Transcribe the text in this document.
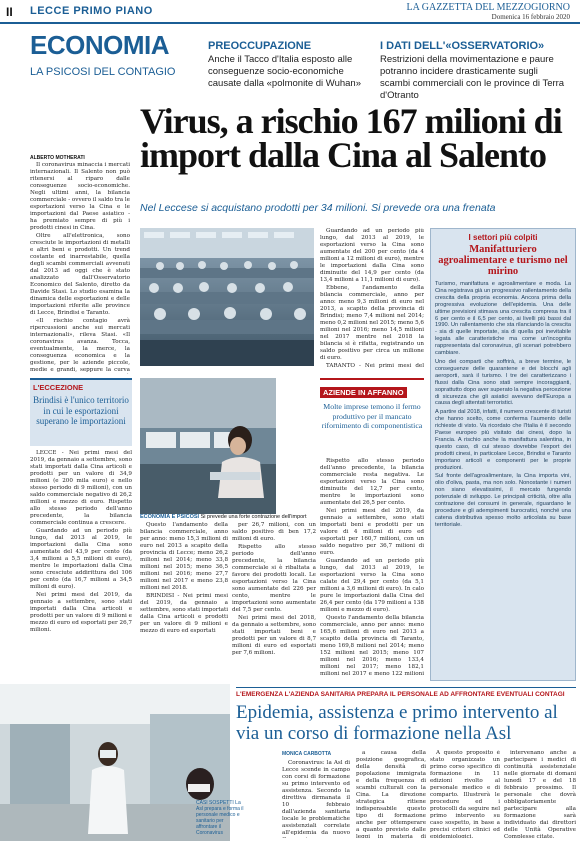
II LECCE PRIMO PIANO	LA GAZZETTA DEL MEZZOGIORNO
Domenica 16 febbraio 2020
ECONOMIA
LA PSICOSI DEL CONTAGIO
PREOCCUPAZIONE
Anche il Tacco d'Italia esposto alle conseguenze socio-economiche causate dalla «polmonite di Wuhan»
I DATI DELL'«OSSERVATORIO»
Restrizioni della movimentazione e paure potranno incidere drasticamente sugli scambi commerciali con le province di Terra d'Otranto
Virus, a rischio 167 milioni di import dalla Cina al Salento
Nel Leccese si acquistano prodotti per 34 milioni. Si prevede ora una frenata
ALBERTO MOTHERATI

Il coronavirus minaccia i mercati internazionali. Il Salento non può ritenersi al riparo dalle conseguenze socio-economiche. Negli ultimi anni, la bilancia commerciale - ovvero il saldo tra le esportazioni verso la Cina e le importazioni dal Paese asiatico - ha premiato sempre di più i prodotti cinesi in Cina.

Oltre all'elettronica, sono cresciute le importazioni di metalli e altri beni e prodotti. Un trend costante ed inarrestabile, quella degli scambi commerciali avvenuti dal 2013 ad oggi che è stato analizzato dall'Osservatorio Economico del Salento, diretto da Davide Stasi. Lo studio esamina la dinamica delle esportazioni e delle importazioni riferite alle province di Lecce, Brindisi e Taranto.

«Il rischio contagio avrà ripercussioni anche sui mercati internazionali», rileva Stasi. «Il coronavirus avanza. Tocca, eventualmente, la merce, la conseguenza economica e la gestione, per le aziende piccole, medie e grandi, seppure la curva

Guardando ad un periodo più lungo, dal 2013 al 2019, le esportazioni verso la Cina sono aumentate del 200 per cento (da 4 milioni a 12 milioni di euro), mentre le importazioni dalla Cina sono diminuite del 14,9 per cento (da 13,4 milioni a 11,1 milioni di euro).

Ebbene, l'andamento della bilancia commerciale, anno per anno: meno 9,3 milioni di euro nel 2013, a scapito della provincia di Brindisi; meno 7,4 milioni nel 2014; meno 0,2 milioni nel 2015; meno 5,6 milioni nel 2016; meno 14,5 milioni nel 2017 mentre nel 2018 la bilancia si è rifatta, registrando un saldo positivo per circa un milione di euro.

TARANTO - Nei primi mesi del

I settori più colpiti
Manifatturiero agroalimentare e turismo nel mirino

Turismo, manifattura e agroalimentare e moda. La Cina registrava già un progressivo rallentamento della crescita della propria economia. Ancora prima della progressiva evoluzione dell'epidemia. Una delle ultime previsioni stimava una crescita compresa tra il 6 per cento e il 6,5 per cento, ai livelli più bassi dal 1990. Un rallentamento che sta rilanciando la crescita - sia di quelle importate, sia di quella poi inevitabile legata alle caratteristiche ma come un'incognita rappresentata dal coronavirus, gli scenari potrebbero cambiare.

Uno dei comparti che soffrirà, a breve termine, le conseguenze delle quarantene e dei blocchi agli aeroporti, sarà il turismo. I tre dei caratterizzano i flussi dalla Cina sono stati sempre incoraggianti, soprattutto dopo aver superato la negativa percezione di sicurezza che gli asiatici avevano dell'Europa a causa degli attentati terroristici.

A partire dal 2018, infatti, il numero crescente di turisti che hanno scelto, come conferma l'aumento delle richieste di visto. Va ricordato che l'Italia è il secondo Paese europeo più visitato dai cinesi, dopo la Francia. A rischio anche la manifattura salentina, in questo caso, di cui stesso dovrebbe l'export dei prodotti cinesi, in particolare Lecce, Brindisi e Taranto importano articoli e componenti per le proprie produzioni.

Sul fronte dell'agroalimentare, la Cina importa vini, olio d'oliva, pasta, ma non solo. Nonostante i numeri non siano elevatissimi, il mercato fungendo potenziale di sviluppo. Le principali criticità, oltre alla contrazione dei consumi in generale, riguardano le procedure e gli adempimenti burocratici, nonché una catena distributiva spesso molto articolata su base territoriale.

L'ECCEZIONE
Brindisi è l'unico territorio in cui le esportazioni superano le importazioni

LECCE - Nei primi mesi del 2019, da gennaio a settembre, sono stati importati dalla Cina articoli e prodotti per un valore di 34,9 milioni (e 200 mila euro) e nello stesso periodo di 9 milioni), con un saldo commerciale negativo di 26,2 milioni e mezzo di euro. Rispetto allo stesso periodo dell'anno precedente, la bilancia commerciale continua a crescere.

Guardando ad un periodo più lungo, dal 2013 al 2019, le importazioni dalla Cina sono aumentate del 43,9 per cento (da 3,4 milioni a 5,5 milioni di euro), mentre le importazioni dalla Cina sono cresciute addirittura del 106 per cento (da 16,7 milioni a 34,5 milioni di euro).

Nei primi mesi del 2019, da gennaio a settembre, sono stati importati dalla Cina articoli e prodotti per un valore di 9 milioni e mezzo di euro ed esportati per 26,7 milioni.

ECONOMIA E PSICOSI Si prevede una forte contrazione dell'import
AZIENDE IN AFFANNO
Molte imprese temono il fermo produttivo per il mancato rifornimento di componentistica

Rispetto allo stesso periodo dell'anno precedente, la bilancia commerciale resta negativa. Le esportazioni verso la Cina sono diminuite del 12,7 per cento, mentre le importazioni sono aumentate del 26,5 per cento.

Nei primi mesi del 2019, da gennaio a settembre, sono stati importati beni e prodotti per un valore di 4 milioni di euro ed esportati per 160,7 milioni, con un saldo negativo per 36,7 milioni di euro.

Guardando ad un periodo più lungo, dal 2013 al 2019, le esportazioni verso la Cina sono calate del 29,4 per cento (da 5,1 milioni a 3,6 milioni di euro). In calo pure le importazioni dalla Cina del 26,4 per cento (da 179 milioni a 138 milioni e mezzo di euro).

Questo l'andamento della bilancia commerciale, anno per anno: meno 165,6 milioni di euro nel 2013 a scapito della provincia di Taranto, meno 169,8 milioni nel 2014; meno 152 milioni nel 2015; meno 107 milioni nel 2016; meno 133,4 milioni nel 2017; meno 182,1 milioni nel 2017 e meno 122 milioni

Questo l'andamento della bilancia commerciale, anno per anno: meno 15,3 milioni di euro nel 2013 a scapito della provincia di Lecce; meno 26,2 milioni nel 2014; meno 33,8 milioni nel 2015; meno 36,5 milioni nel 2016; meno 27,7 milioni nel 2017 e meno 23,8 milioni nel 2018.

BRINDISI - Nei primi mesi del 2019, da gennaio a settembre, sono stati importati dalla Cina articoli e prodotti per un valore di 9 milioni e mezzo di euro ed esportati

per 26,7 milioni, con un saldo positivo di ben 17,2 milioni di euro.

Rispetto allo stesso periodo dell'anno precedente, la bilancia commerciale si è ribaltata a favore dei prodotti locali. Le esportazioni verso la Cina sono aumentate del 226 per cento, mentre le importazioni sono aumentate del 7,5 per cento.

Nei primi mesi del 2018, da gennaio a settembre, sono stati importati beni e prodotti per un valore di 8,7 milioni di euro ed esportati per 7,6 milioni.

CASI SOSPETTI La Asl prepara e forma il personale medico e sanitario per affrontare il Coronavirus
L'EMERGENZA L'AZIENDA SANITARIA PREPARA IL PERSONALE AD AFFRONTARE EVENTUALI CONTAGI
Epidemia, assistenza e primo intervento al via un corso di formazione nella Asl
MONICA CARBOTTA

Coronavirus: la Asl di Lecce scende in campo con corsi di formazione su primo intervento ed assistenza. Secondo la direttiva dirmanata il 10 febbraio dall'azienda sanitaria locale le problematiche assistenziali correlate all'epidemia da nuovo

a causa della posizione geografica, della densità di popolazione immigrata e della frequenza di scambi culturali con la Cina. La direzione strategica ritiene indispensabile questo tipo di formazione anche per ottemperare a quanto previsto dalle leggi in materia di

A questo proposito è stato organizzato un primo corso specifico di formazione in 11 edizioni rivolto al personale medico e di comparto. Illustrerà le procedure ed i protocolli da seguire nel primo intervento su caso sospetto, in base a precisi criteri clinici ed epidemiologici.

intervenano anche a partecipare i medici di continuità assistenziale nelle giornate di domani lunedì 17 e del 18 febbraio prossimo. Il personale che dovrà obbligatoriamente partecipare alla formazione sarà individuato dai direttori delle Unità Operative Complesse citate.
